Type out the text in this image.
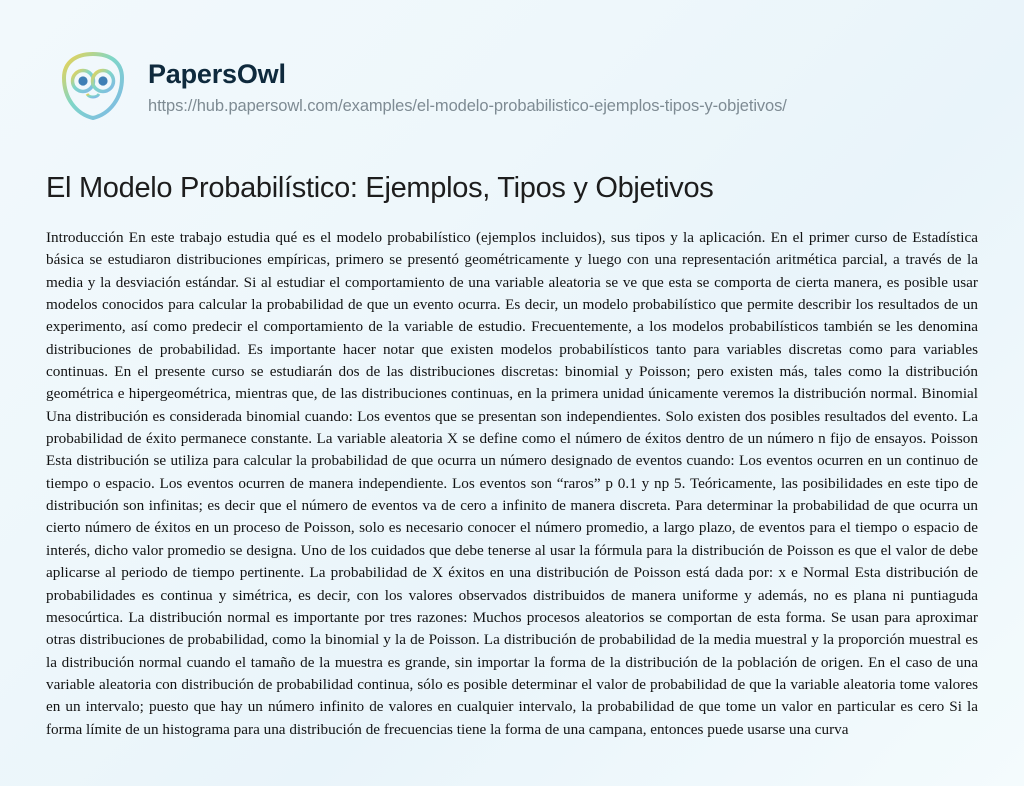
PapersOwl
https://hub.papersowl.com/examples/el-modelo-probabilistico-ejemplos-tipos-y-objetivos/
El Modelo Probabilístico: Ejemplos, Tipos y Objetivos
Introducción En este trabajo estudia qué es el modelo probabilístico (ejemplos incluidos), sus tipos y la aplicación. En el primer curso de Estadística básica se estudiaron distribuciones empíricas, primero se presentó geométricamente y luego con una representación aritmética parcial, a través de la media y la desviación estándar. Si al estudiar el comportamiento de una variable aleatoria se ve que esta se comporta de cierta manera, es posible usar modelos conocidos para calcular la probabilidad de que un evento ocurra. Es decir, un modelo probabilístico que permite describir los resultados de un experimento, así como predecir el comportamiento de la variable de estudio. Frecuentemente, a los modelos probabilísticos también se les denomina distribuciones de probabilidad. Es importante hacer notar que existen modelos probabilísticos tanto para variables discretas como para variables continuas. En el presente curso se estudiarán dos de las distribuciones discretas: binomial y Poisson; pero existen más, tales como la distribución geométrica e hipergeométrica, mientras que, de las distribuciones continuas, en la primera unidad únicamente veremos la distribución normal. Binomial Una distribución es considerada binomial cuando: Los eventos que se presentan son independientes. Solo existen dos posibles resultados del evento. La probabilidad de éxito permanece constante. La variable aleatoria X se define como el número de éxitos dentro de un número n fijo de ensayos. Poisson Esta distribución se utiliza para calcular la probabilidad de que ocurra un número designado de eventos cuando: Los eventos ocurren en un continuo de tiempo o espacio. Los eventos ocurren de manera independiente. Los eventos son “raros” p 0.1 y np 5. Teóricamente, las posibilidades en este tipo de distribución son infinitas; es decir que el número de eventos va de cero a infinito de manera discreta. Para determinar la probabilidad de que ocurra un cierto número de éxitos en un proceso de Poisson, solo es necesario conocer el número promedio, a largo plazo, de eventos para el tiempo o espacio de interés, dicho valor promedio se designa. Uno de los cuidados que debe tenerse al usar la fórmula para la distribución de Poisson es que el valor de debe aplicarse al periodo de tiempo pertinente. La probabilidad de X éxitos en una distribución de Poisson está dada por: x e Normal Esta distribución de probabilidades es continua y simétrica, es decir, con los valores observados distribuidos de manera uniforme y además, no es plana ni puntiaguda mesocúrtica. La distribución normal es importante por tres razones: Muchos procesos aleatorios se comportan de esta forma. Se usan para aproximar otras distribuciones de probabilidad, como la binomial y la de Poisson. La distribución de probabilidad de la media muestral y la proporción muestral es la distribución normal cuando el tamaño de la muestra es grande, sin importar la forma de la distribución de la población de origen. En el caso de una variable aleatoria con distribución de probabilidad continua, sólo es posible determinar el valor de probabilidad de que la variable aleatoria tome valores en un intervalo; puesto que hay un número infinito de valores en cualquier intervalo, la probabilidad de que tome un valor en particular es cero Si la forma límite de un histograma para una distribución de frecuencias tiene la forma de una campana, entonces puede usarse una curva
